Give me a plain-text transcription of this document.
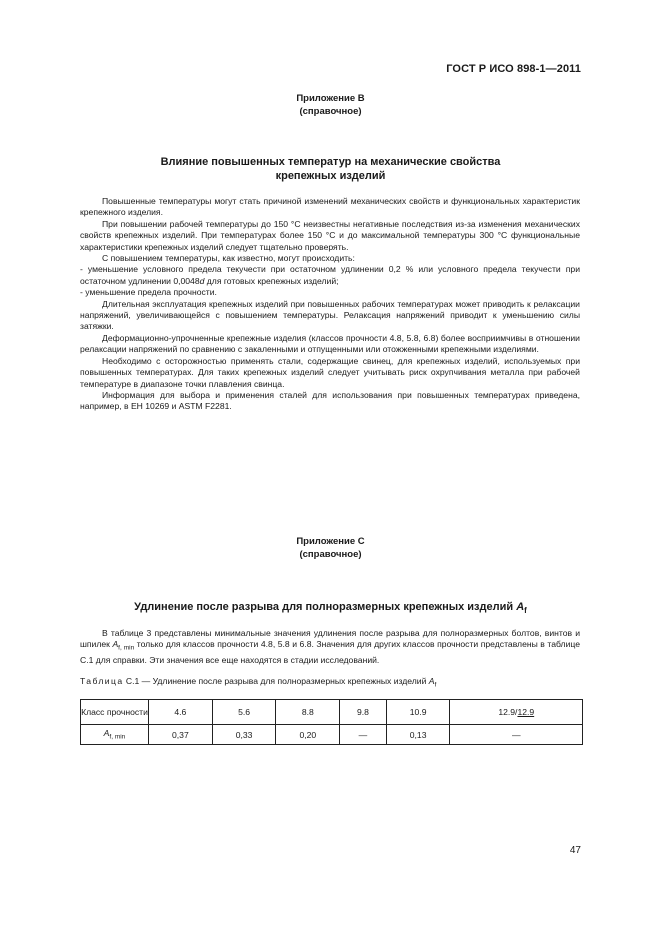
ГОСТ Р ИСО 898-1—2011
Приложение В
(справочное)
Влияние повышенных температур на механические свойства
крепежных изделий

Повышенные температуры могут стать причиной изменений механических свойств и функциональных характеристик крепежного изделия.

При повышении рабочей температуры до 150 °C неизвестны негативные последствия из-за изменения механических свойств крепежных изделий. При температурах более 150 °C и до максимальной температуры 300 °C функциональные характеристики крепежных изделий следует тщательно проверять.

С повышением температуры, как известно, могут происходить:

- уменьшение условного предела текучести при остаточном удлинении 0,2 % или условного предела текучести при остаточном удлинении 0,0048d для готовых крепежных изделий;

- уменьшение предела прочности.

Длительная эксплуатация крепежных изделий при повышенных рабочих температурах может приводить к релаксации напряжений, увеличивающейся с повышением температуры. Релаксация напряжений приводит к уменьшению силы затяжки.

Деформационно-упрочненные крепежные изделия (классов прочности 4.8, 5.8, 6.8) более восприимчивы в отношении релаксации напряжений по сравнению с закаленными и отпущенными или отожженными крепежными изделиями.

Необходимо с осторожностью применять стали, содержащие свинец, для крепежных изделий, используемых при повышенных температурах. Для таких крепежных изделий следует учитывать риск охрупчивания металла при рабочей температуре в диапазоне точки плавления свинца.

Информация для выбора и применения сталей для использования при повышенных температурах приведена, например, в ЕН 10269 и ASTM F2281.

Приложение С
(справочное)
Удлинение после разрыва для полноразмерных крепежных изделий $A_f$

В таблице 3 представлены минимальные значения удлинения после разрыва для полноразмерных болтов, винтов и шпилек $A_{f, min}$ только для классов прочности 4.8, 5.8 и 6.8. Значения для других классов прочности представлены в таблице С.1 для справки. Эти значения все еще находятся в стадии исследований.

Таблица С.1 — Удлинение после разрыва для полноразмерных крепежных изделий $A_f$
Класс прочности	4.6	5.6	8.8	9.8	10.9	12.9/12.9
$A_{f, min}$	0,37	0,33	0,20	—	0,13	—
47
